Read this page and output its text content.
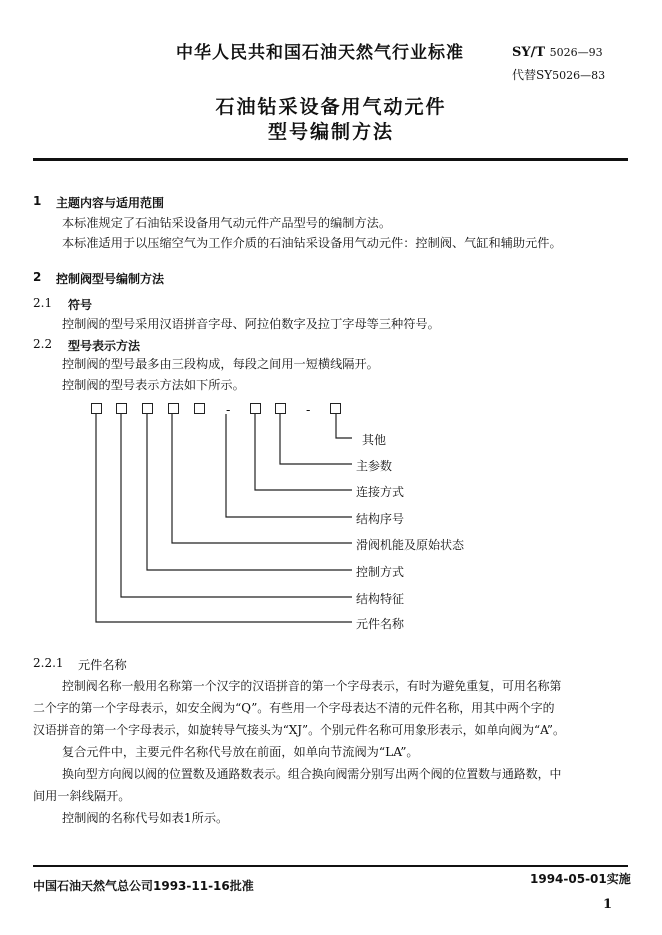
中华人民共和国石油天然气行业标准	SY/T 5026—93
代替SY5026—83
石油钻采设备用气动元件
型号编制方法
1 主题内容与适用范围
本标准规定了石油钻采设备用气动元件产品型号的编制方法。
本标准适用于以压缩空气为工作介质的石油钻采设备用气动元件：控制阀、气缸和辅助元件。
2 控制阀型号编制方法
2.1 符号
控制阀的型号采用汉语拼音字母、阿拉伯数字及拉丁字母等三种符号。
2.2 型号表示方法
控制阀的型号最多由三段构成，每段之间用一短横线隔开。
控制阀的型号表示方法如下所示。
-	-
其他
主参数
连接方式
结构序号
滑阀机能及原始状态
控制方式
结构特征
元件名称
2.2.1 元件名称
控制阀名称一般用名称第一个汉字的汉语拼音的第一个字母表示，有时为避免重复，可用名称第
二个字的第一个字母表示，如安全阀为“Q”。有些用一个字母表达不清的元件名称，用其中两个字的
汉语拼音的第一个字母表示，如旋转导气接头为“XJ”。个别元件名称可用象形表示，如单向阀为“A”。
复合元件中，主要元件名称代号放在前面，如单向节流阀为“LA”。
换向型方向阀以阀的位置数及通路数表示。组合换向阀需分别写出两个阀的位置数与通路数，中
间用一斜线隔开。
控制阀的名称代号如表1所示。
中国石油天然气总公司1993-11-16批准	1994-05-01实施
1
